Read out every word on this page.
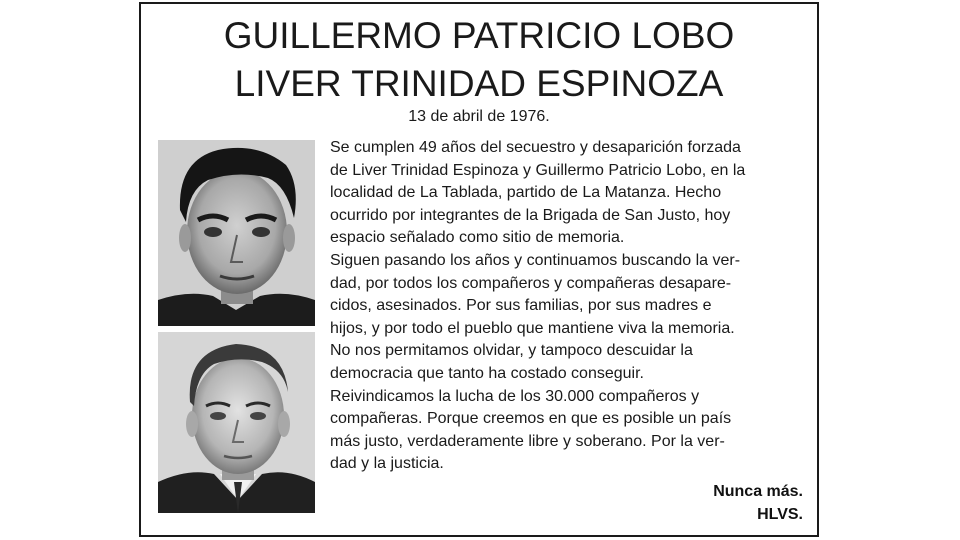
GUILLERMO PATRICIO LOBO
LIVER TRINIDAD ESPINOZA
13 de abril de 1976.
Se cumplen 49 años del secuestro y desaparición forzada
de Liver Trinidad Espinoza y Guillermo Patricio Lobo, en la
localidad de La Tablada, partido de La Matanza. Hecho
ocurrido por integrantes de la Brigada de San Justo, hoy
espacio señalado como sitio de memoria.
Siguen pasando los años y continuamos buscando la ver-
dad, por todos los compañeros y compañeras desapare-
cidos, asesinados. Por sus familias, por sus madres e
hijos, y por todo el pueblo que mantiene viva la memoria.
No nos permitamos olvidar, y tampoco descuidar la
democracia que tanto ha costado conseguir.
Reivindicamos la lucha de los 30.000 compañeros y
compañeras. Porque creemos en que es posible un país
más justo, verdaderamente libre y soberano. Por la ver-
dad y la justicia.
Nunca más.
HLVS.
